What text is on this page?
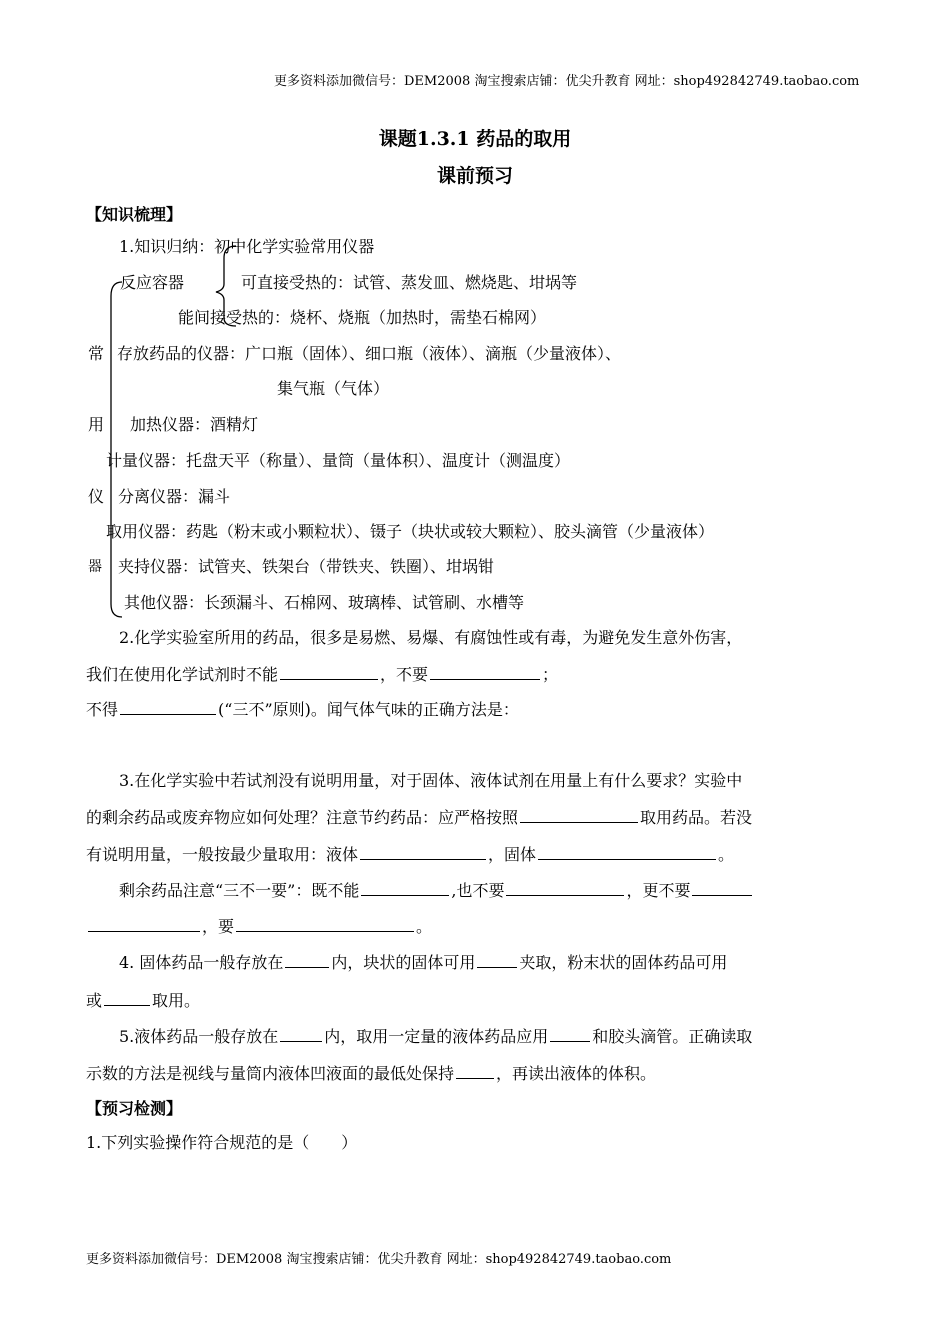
更多资料添加微信号：DEM2008 淘宝搜索店铺：优尖升教育 网址：shop492842749.taobao.com
课题1.3.1 药品的取用
课前预习
【知识梳理】
常
用
仪
器
1.知识归纳：初中化学实验常用仪器
反应容器	可直接受热的：试管、蒸发皿、燃烧匙、坩埚等
能间接受热的：烧杯、烧瓶（加热时，需垫石棉网）
存放药品的仪器：广口瓶（固体）、细口瓶（液体）、滴瓶（少量液体）、
集气瓶（气体）
加热仪器：酒精灯
计量仪器：托盘天平（称量）、量筒（量体积）、温度计（测温度）
分离仪器：漏斗
取用仪器：药匙（粉末或小颗粒状）、镊子（块状或较大颗粒）、胶头滴管（少量液体）
夹持仪器：试管夹、铁架台（带铁夹、铁圈）、坩埚钳
其他仪器：长颈漏斗、石棉网、玻璃棒、试管刷、水槽等
2.化学实验室所用的药品，很多是易燃、易爆、有腐蚀性或有毒，为避免发生意外伤害，
我们在使用化学试剂时不能	，不要	；
不得	(“三不”原则)。闻气体气味的正确方法是：
3.在化学实验中若试剂没有说明用量，对于固体、液体试剂在用量上有什么要求？实验中
的剩余药品或废弃物应如何处理？注意节约药品：应严格按照	取用药品。若没
有说明用量，一般按最少量取用：液体	，固体	。
剩余药品注意“三不一要”：既不能	,也不要	，更不要
，要	。
4. 固体药品一般存放在	内，块状的固体可用	夹取，粉末状的固体药品可用
或	取用。
5.液体药品一般存放在	内，取用一定量的液体药品应用	和胶头滴管。正确读取
示数的方法是视线与量筒内液体凹液面的最低处保持	，再读出液体的体积。
【预习检测】
1.下列实验操作符合规范的是（　　）
更多资料添加微信号：DEM2008 淘宝搜索店铺：优尖升教育 网址：shop492842749.taobao.com
